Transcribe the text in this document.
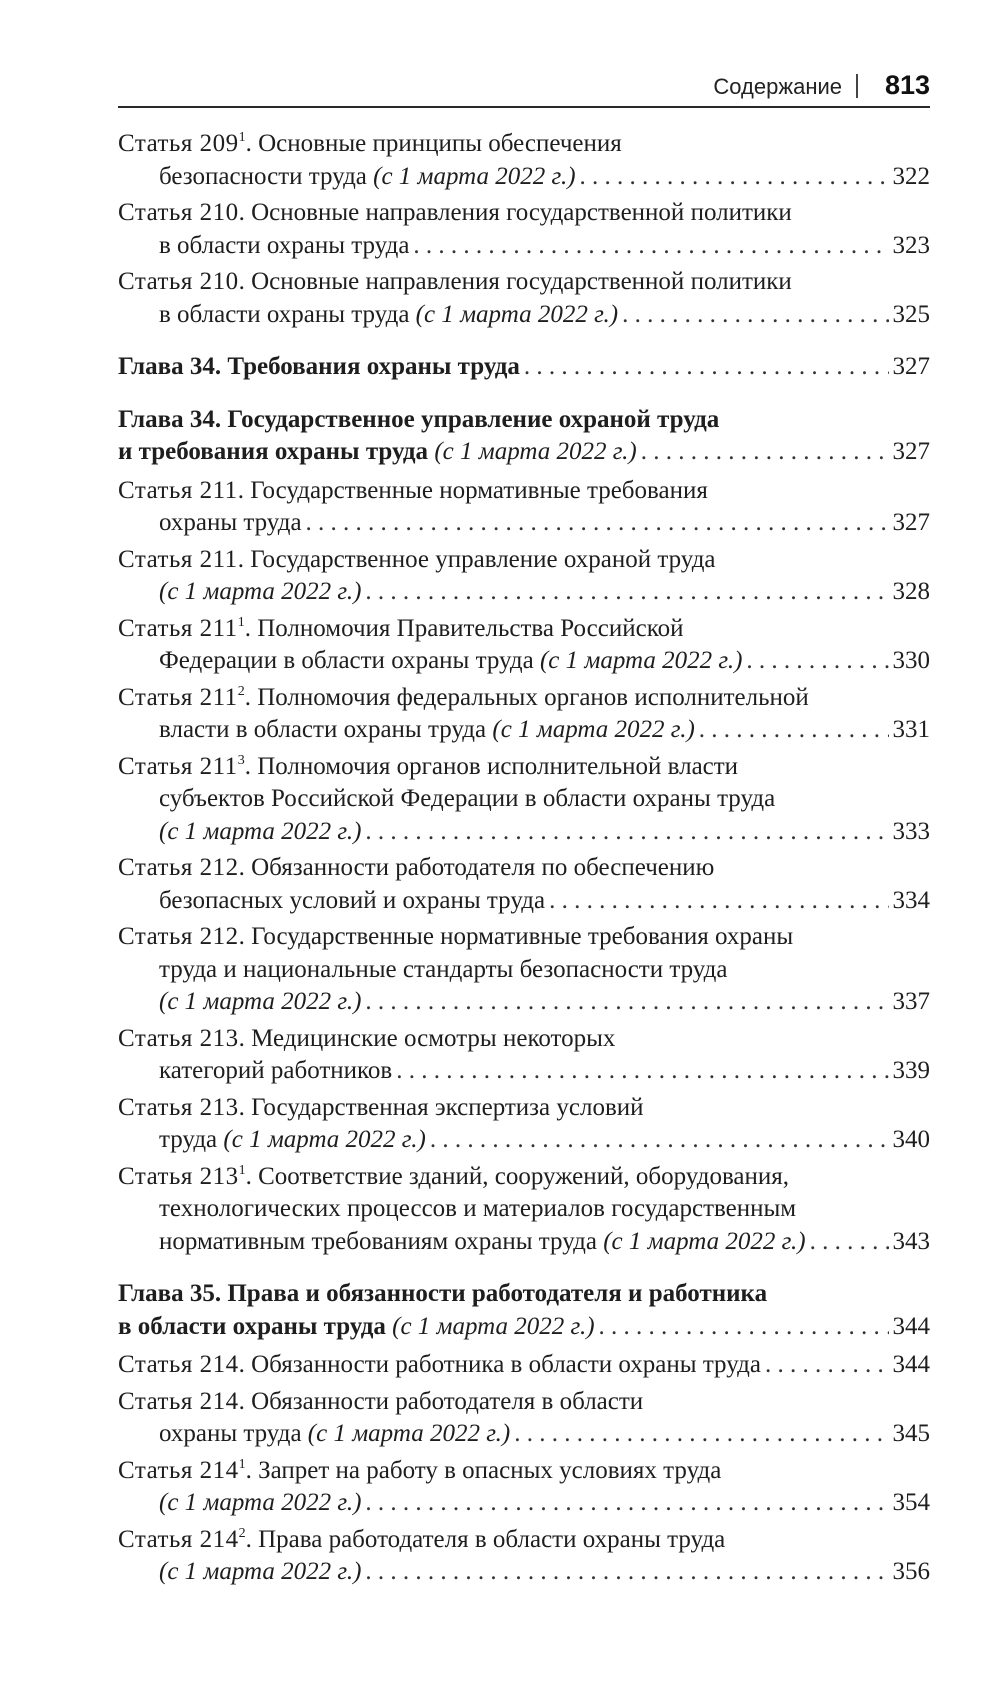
Содержание 813
Статья $209^1$. Основные принципы обеспечения
безопасности труда (с 1 марта 2022 г.) . . .	322
Статья 210. Основные направления государственной политики
в области охраны труда . . .	323
Статья 210. Основные направления государственной политики
в области охраны труда (с 1 марта 2022 г.) . . .	325
Глава 34. Требования охраны труда . . .	327
Глава 34. Государственное управление охраной труда
и требования охраны труда (с 1 марта 2022 г.) . . .	327
Статья 211. Государственные нормативные требования
охраны труда . . .	327
Статья 211. Государственное управление охраной труда
(с 1 марта 2022 г.) . . .	328
Статья $211^1$. Полномочия Правительства Российской
Федерации в области охраны труда (с 1 марта 2022 г.) . . .	330
Статья $211^2$. Полномочия федеральных органов исполнительной
власти в области охраны труда (с 1 марта 2022 г.) . . .	331
Статья $211^3$. Полномочия органов исполнительной власти
субъектов Российской Федерации в области охраны труда
(с 1 марта 2022 г.) . . .	333
Статья 212. Обязанности работодателя по обеспечению
безопасных условий и охраны труда . . .	334
Статья 212. Государственные нормативные требования охраны
труда и национальные стандарты безопасности труда
(с 1 марта 2022 г.) . . .	337
Статья 213. Медицинские осмотры некоторых
категорий работников . . .	339
Статья 213. Государственная экспертиза условий
труда (с 1 марта 2022 г.) . . .	340
Статья $213^1$. Соответствие зданий, сооружений, оборудования,
технологических процессов и материалов государственным
нормативным требованиям охраны труда (с 1 марта 2022 г.) . . .	343
Глава 35. Права и обязанности работодателя и работника
в области охраны труда (с 1 марта 2022 г.) . . .	344
Статья 214. Обязанности работника в области охраны труда . . .	344
Статья 214. Обязанности работодателя в области
охраны труда (с 1 марта 2022 г.) . . .	345
Статья $214^1$. Запрет на работу в опасных условиях труда
(с 1 марта 2022 г.) . . .	354
Статья $214^2$. Права работодателя в области охраны труда
(с 1 марта 2022 г.) . . .	356
